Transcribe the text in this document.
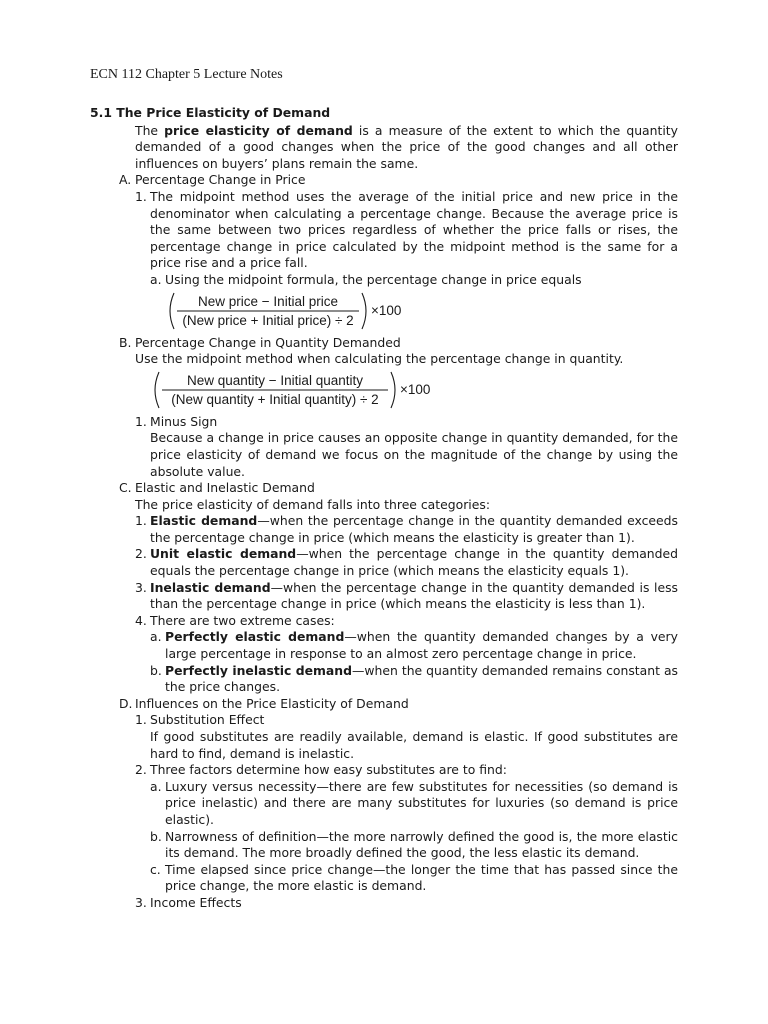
ECN 112 Chapter 5 Lecture Notes

5.1 The Price Elasticity of Demand

The price elasticity of demand is a measure of the extent to which the quantity demanded of a good changes when the price of the good changes and all other influences on buyers’ plans remain the same.

A. Percentage Change in Price
1. The midpoint method uses the average of the initial price and new price in the denominator when calculating a percentage change. Because the average price is the same between two prices regardless of whether the price falls or rises, the percentage change in price calculated by the midpoint method is the same for a price rise and a price fall.
a. Using the midpoint formula, the percentage change in price equals
New price − Initial price
(New price + Initial price) ÷ 2
×100
B. Percentage Change in Quantity Demanded

Use the midpoint method when calculating the percentage change in quantity.

New quantity − Initial quantity
(New quantity + Initial quantity) ÷ 2
×100
1. Minus Sign

Because a change in price causes an opposite change in quantity demanded, for the price elasticity of demand we focus on the magnitude of the change by using the absolute value.

C. Elastic and Inelastic Demand

The price elasticity of demand falls into three categories:

1. Elastic demand—when the percentage change in the quantity demanded exceeds the percentage change in price (which means the elasticity is greater than 1).
2. Unit elastic demand—when the percentage change in the quantity demanded equals the percentage change in price (which means the elasticity equals 1).
3. Inelastic demand—when the percentage change in the quantity demanded is less than the percentage change in price (which means the elasticity is less than 1).
4. There are two extreme cases:
a. Perfectly elastic demand—when the quantity demanded changes by a very large percentage in response to an almost zero percentage change in price.
b. Perfectly inelastic demand—when the quantity demanded remains constant as the price changes.
D. Influences on the Price Elasticity of Demand
1. Substitution Effect

If good substitutes are readily available, demand is elastic. If good substitutes are hard to find, demand is inelastic.

2. Three factors determine how easy substitutes are to find:
a. Luxury versus necessity—there are few substitutes for necessities (so demand is price inelastic) and there are many substitutes for luxuries (so demand is price elastic).
b. Narrowness of definition—the more narrowly defined the good is, the more elastic its demand. The more broadly defined the good, the less elastic its demand.
c. Time elapsed since price change—the longer the time that has passed since the price change, the more elastic is demand.
3. Income Effects
